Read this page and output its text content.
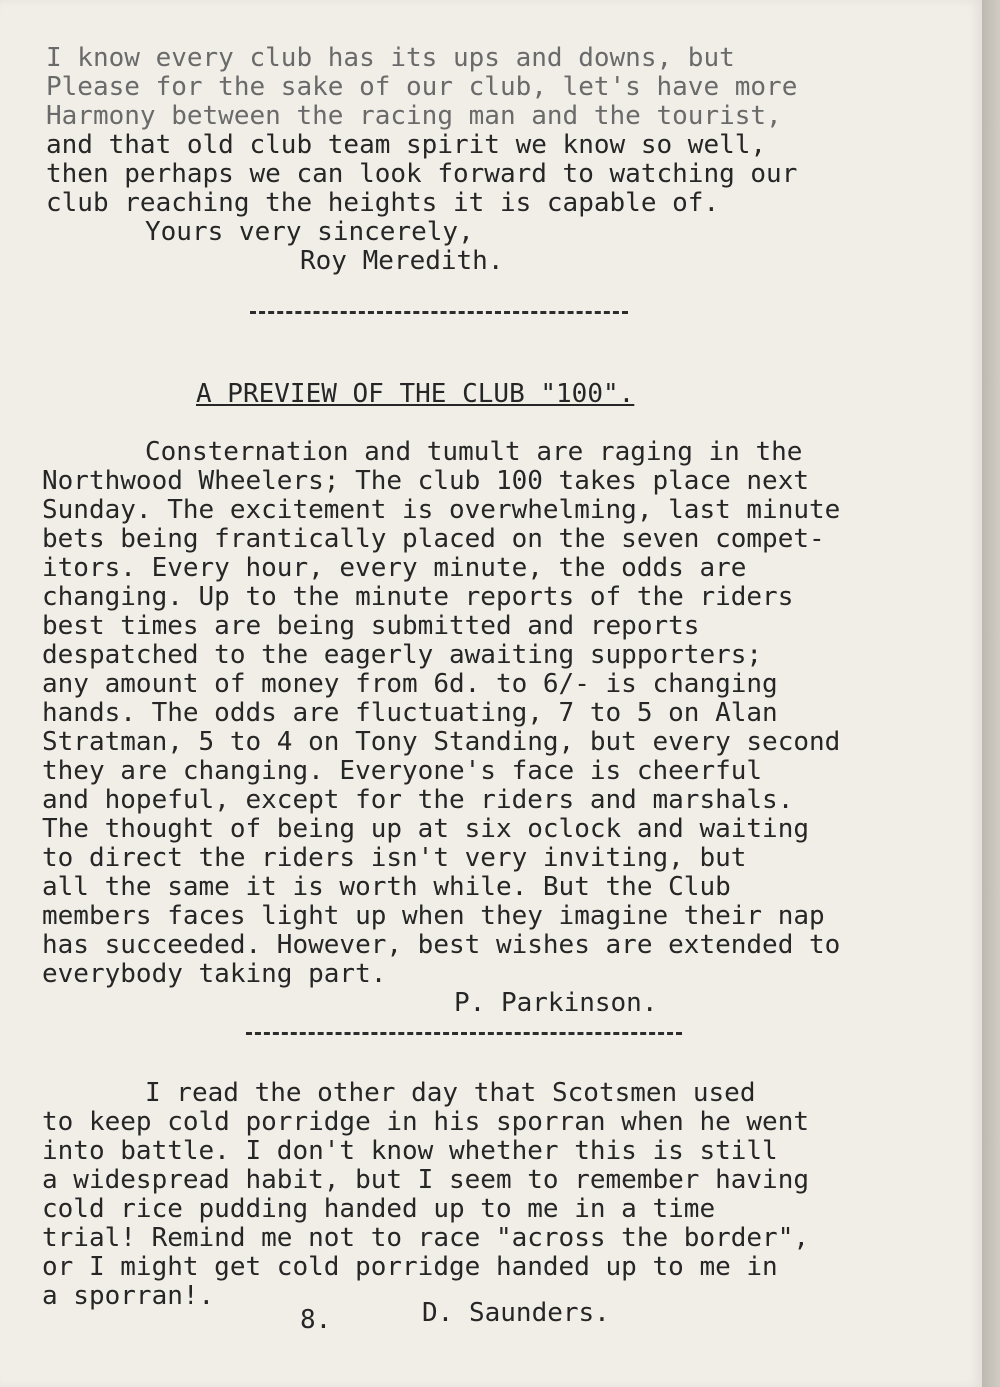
I know every club has its ups and downs, but

Please for the sake of our club, let's have more

Harmony between the racing man and the tourist,

and that old club team spirit we know so well,

then perhaps we can look forward to watching our

club reaching the heights it is capable of.

Yours very sincerely,

Roy Meredith.

A PREVIEW OF THE CLUB "100".

Consternation and tumult are raging in the

Northwood Wheelers; The club 100 takes place next

Sunday. The excitement is overwhelming, last minute

bets being frantically placed on the seven compet-

itors. Every hour, every minute, the odds are

changing. Up to the minute reports of the riders

best times are being submitted and reports

despatched to the eagerly awaiting supporters;

any amount of money from 6d. to 6/- is changing

hands. The odds are fluctuating, 7 to 5 on Alan

Stratman, 5 to 4 on Tony Standing, but every second

they are changing. Everyone's face is cheerful

and hopeful, except for the riders and marshals.

The thought of being up at six oclock and waiting

to direct the riders isn't very inviting, but

all the same it is worth while. But the Club

members faces light up when they imagine their nap

has succeeded. However, best wishes are extended to

everybody taking part.

P. Parkinson.

I read the other day that Scotsmen used

to keep cold porridge in his sporran when he went

into battle. I don't know whether this is still

a widespread habit, but I seem to remember having

cold rice pudding handed up to me in a time

trial! Remind me not to race "across the border",

or I might get cold porridge handed up to me in

a sporran!.

D. Saunders.

8.
